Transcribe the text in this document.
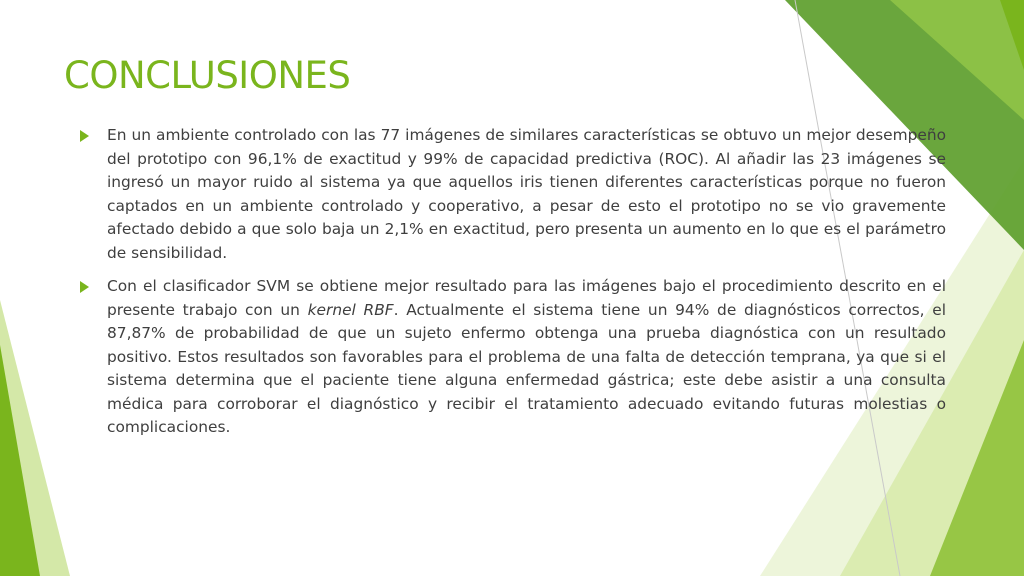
CONCLUSIONES

En un ambiente controlado con las 77 imágenes de similares características se obtuvo un mejor desempeño del prototipo con 96,1% de exactitud y 99% de capacidad predictiva (ROC). Al añadir las 23 imágenes se ingresó un mayor ruido al sistema ya que aquellos iris tienen diferentes características porque no fueron captados en un ambiente controlado y cooperativo, a pesar de esto el prototipo no se vio gravemente afectado debido a que solo baja un 2,1% en exactitud, pero presenta un aumento en lo que es el parámetro de sensibilidad.

Con el clasificador SVM se obtiene mejor resultado para las imágenes bajo el procedimiento descrito en el presente trabajo con un kernel RBF. Actualmente el sistema tiene un 94% de diagnósticos correctos, el 87,87% de probabilidad de que un sujeto enfermo obtenga una prueba diagnóstica con un resultado positivo. Estos resultados son favorables para el problema de una falta de detección temprana, ya que si el sistema determina que el paciente tiene alguna enfermedad gástrica; este debe asistir a una consulta médica para corroborar el diagnóstico y recibir el tratamiento adecuado evitando futuras molestias o complicaciones.
